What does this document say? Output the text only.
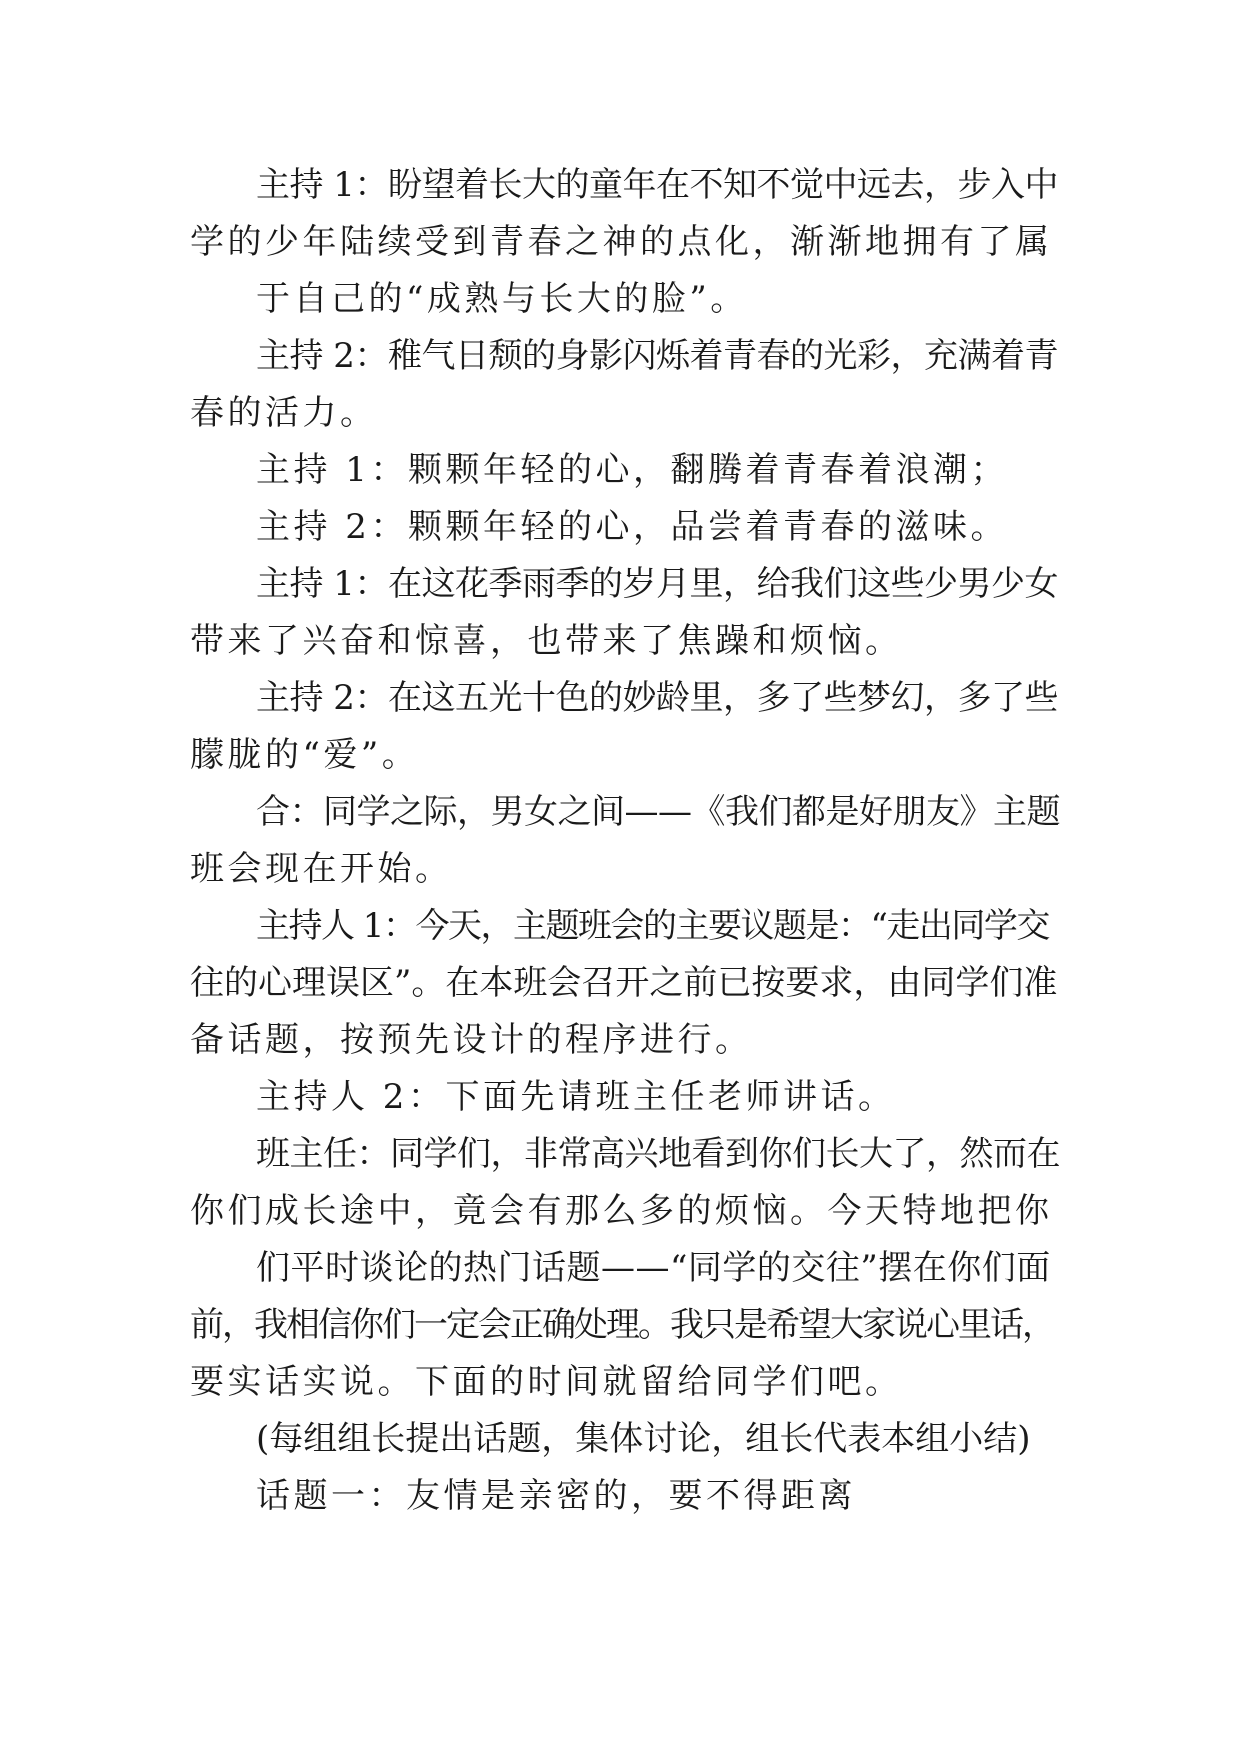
主持 1：盼望着长大的童年在不知不觉中远去，步入中
学的少年陆续受到青春之神的点化，渐渐地拥有了属
于自己的“成熟与长大的脸”。
主持 2：稚气日颓的身影闪烁着青春的光彩，充满着青
春的活力。
主持 1：颗颗年轻的心，翻腾着青春着浪潮；
主持 2：颗颗年轻的心，品尝着青春的滋味。
主持 1：在这花季雨季的岁月里，给我们这些少男少女
带来了兴奋和惊喜，也带来了焦躁和烦恼。
主持 2：在这五光十色的妙龄里，多了些梦幻，多了些
朦胧的“爱”。
合：同学之际，男女之间——《我们都是好朋友》主题
班会现在开始。
主持人 1：今天，主题班会的主要议题是：“走出同学交
往的心理误区”。在本班会召开之前已按要求，由同学们准
备话题，按预先设计的程序进行。
主持人 2：下面先请班主任老师讲话。
班主任：同学们，非常高兴地看到你们长大了，然而在
你们成长途中，竟会有那么多的烦恼。今天特地把你
们平时谈论的热门话题——“同学的交往”摆在你们面
前，我相信你们一定会正确处理。我只是希望大家说心里话，
要实话实说。下面的时间就留给同学们吧。
(每组组长提出话题，集体讨论，组长代表本组小结)
话题一：友情是亲密的，要不得距离
